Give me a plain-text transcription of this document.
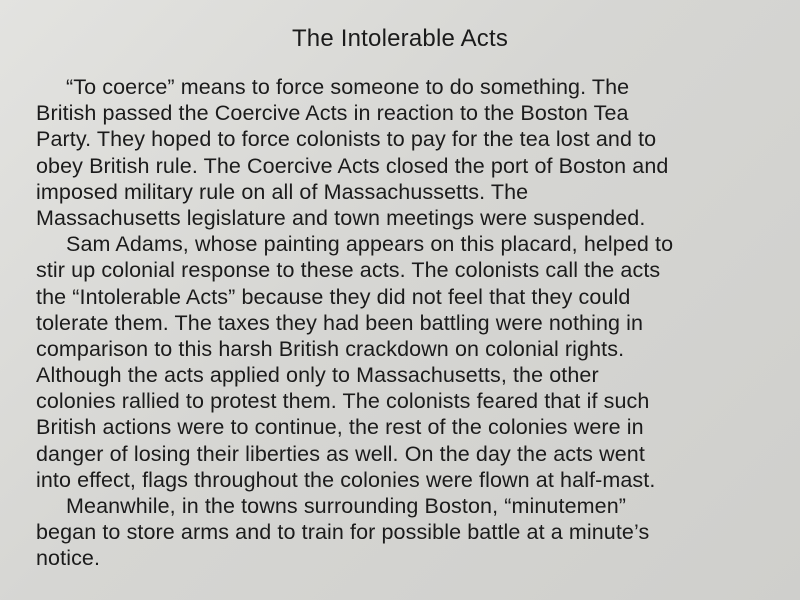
The Intolerable Acts
“To coerce” means to force someone to do something. The
British passed the Coercive Acts in reaction to the Boston Tea
Party. They hoped to force colonists to pay for the tea lost and to
obey British rule. The Coercive Acts closed the port of Boston and
imposed military rule on all of Massachussetts. The
Massachusetts legislature and town meetings were suspended.
Sam Adams, whose painting appears on this placard, helped to
stir up colonial response to these acts. The colonists call the acts
the “Intolerable Acts” because they did not feel that they could
tolerate them. The taxes they had been battling were nothing in
comparison to this harsh British crackdown on colonial rights.
Although the acts applied only to Massachusetts, the other
colonies rallied to protest them. The colonists feared that if such
British actions were to continue, the rest of the colonies were in
danger of losing their liberties as well. On the day the acts went
into effect, flags throughout the colonies were flown at half-mast.
Meanwhile, in the towns surrounding Boston, “minutemen”
began to store arms and to train for possible battle at a minute’s
notice.
